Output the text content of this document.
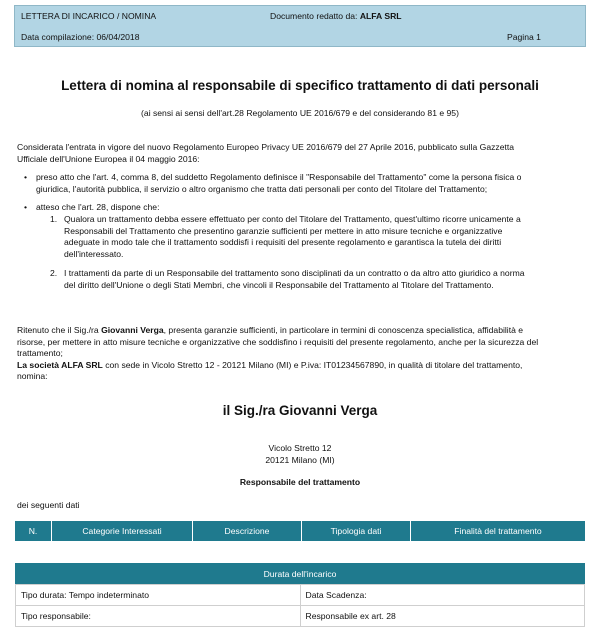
LETTERA DI INCARICO / NOMINA	Documento redatto da: ALFA SRL
Data compilazione: 06/04/2018	Pagina 1
Lettera di nomina al responsabile di specifico trattamento di dati personali
(ai sensi ai sensi dell'art.28 Regolamento UE 2016/679 e del considerando 81 e 95)
Considerata l'entrata in vigore del nuovo Regolamento Europeo Privacy UE 2016/679 del 27 Aprile 2016, pubblicato sulla Gazzetta
Ufficiale dell'Unione Europea il 04 maggio 2016:
• preso atto che l'art. 4, comma 8, del suddetto Regolamento definisce il "Responsabile del Trattamento" come la persona fisica o
giuridica, l'autorità pubblica, il servizio o altro organismo che tratta dati personali per conto del Titolare del Trattamento;
• atteso che l'art. 28, dispone che:
1. Qualora un trattamento debba essere effettuato per conto del Titolare del Trattamento, quest'ultimo ricorre unicamente a
Responsabili del Trattamento che presentino garanzie sufficienti per mettere in atto misure tecniche e organizzative
adeguate in modo tale che il trattamento soddisfi i requisiti del presente regolamento e garantisca la tutela dei diritti
dell'interessato.
2. I trattamenti da parte di un Responsabile del trattamento sono disciplinati da un contratto o da altro atto giuridico a norma
del diritto dell'Unione o degli Stati Membri, che vincoli il Responsabile del Trattamento al Titolare del Trattamento.
Ritenuto che il Sig./ra Giovanni Verga, presenta garanzie sufficienti, in particolare in termini di conoscenza specialistica, affidabilità e
risorse, per mettere in atto misure tecniche e organizzative che soddisfino i requisiti del presente regolamento, anche per la sicurezza del
trattamento;
La società ALFA SRL con sede in Vicolo Stretto 12 - 20121 Milano (MI) e P.iva: IT01234567890, in qualità di titolare del trattamento,
nomina:
il Sig./ra Giovanni Verga
Vicolo Stretto 12
20121 Milano (MI)
Responsabile del trattamento
dei seguenti dati
N.	Categorie Interessati	Descrizione	Tipologia dati	Finalità del trattamento
Durata dell'incarico	
Tipo durata: Tempo indeterminato	Data Scadenza:
Tipo responsabile:	Responsabile ex art. 28
